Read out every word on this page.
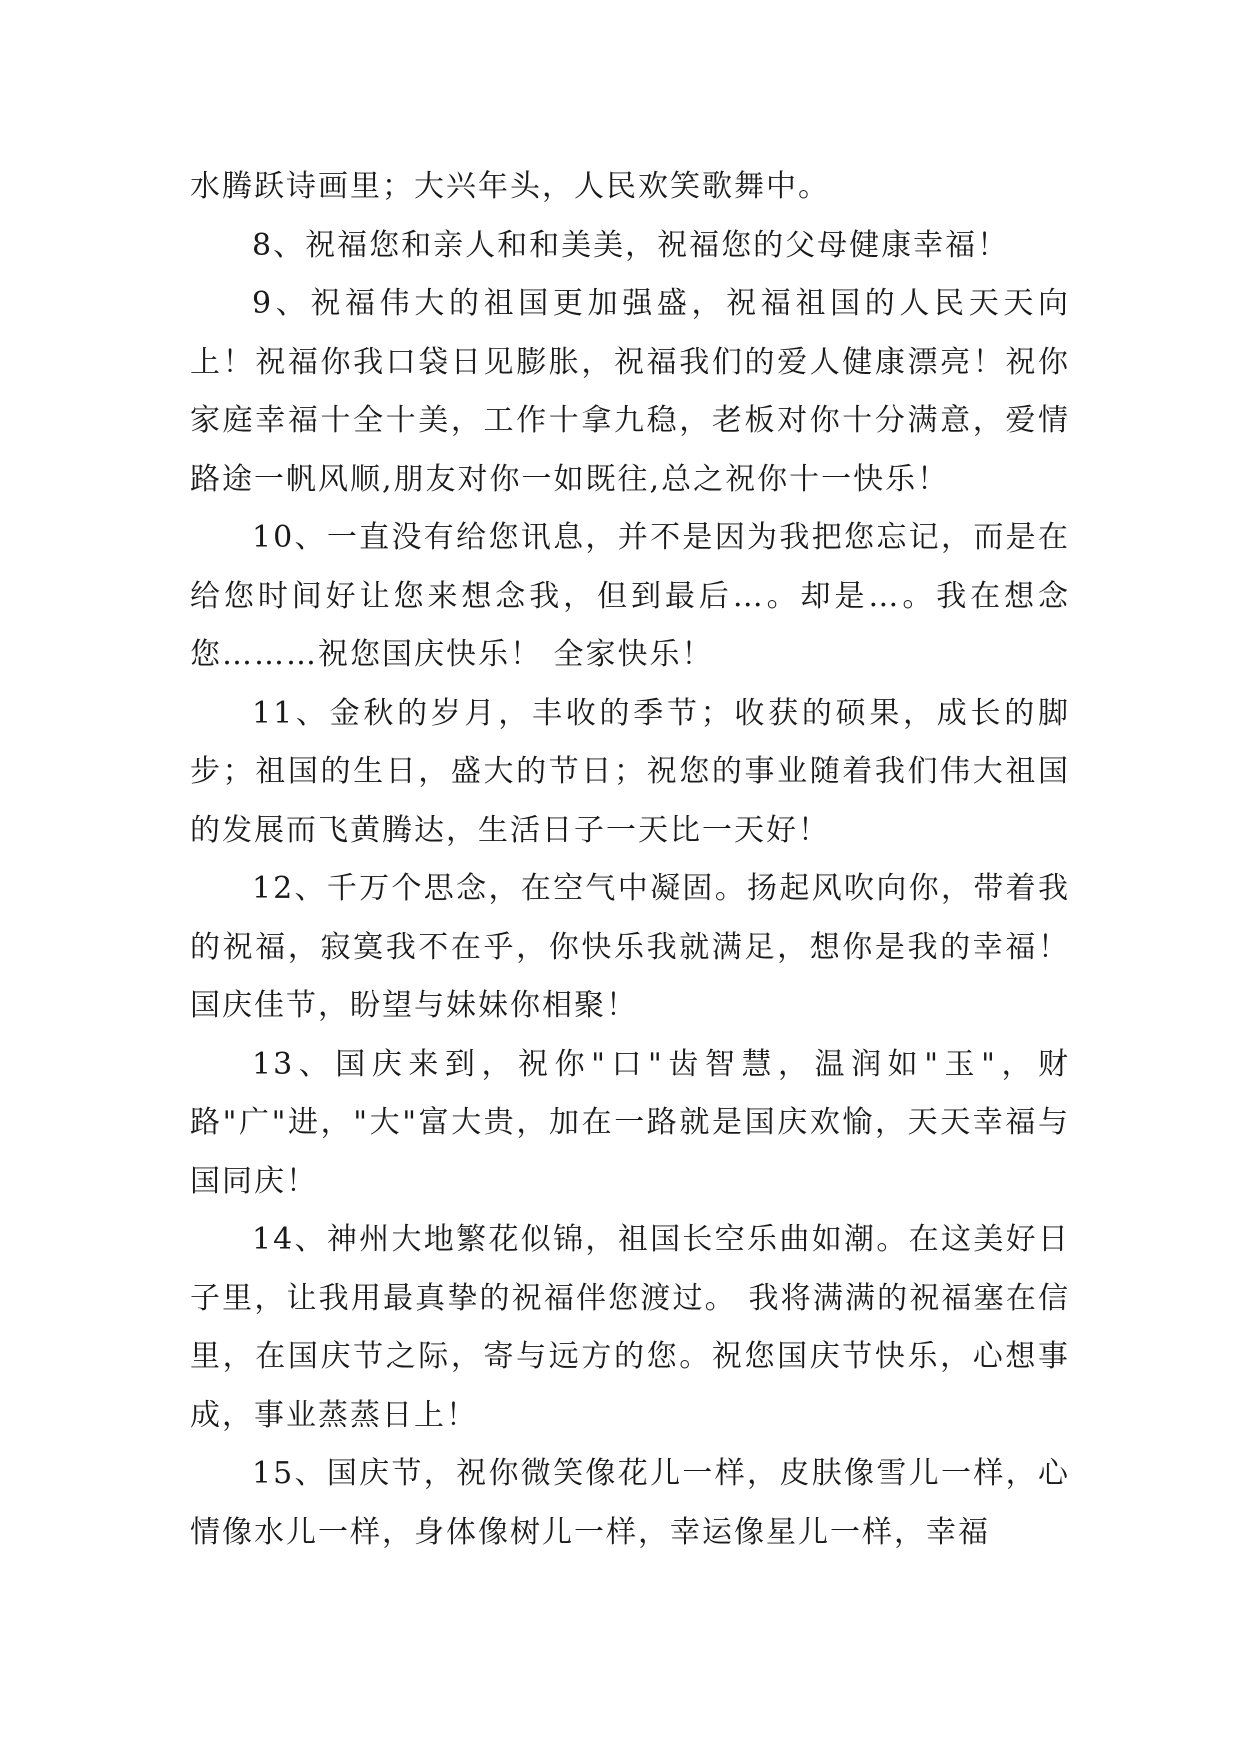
水腾跃诗画里；大兴年头，人民欢笑歌舞中。

8、祝福您和亲人和和美美，祝福您的父母健康幸福！

9、祝福伟大的祖国更加强盛，祝福祖国的人民天天向上！祝福你我口袋日见膨胀，祝福我们的爱人健康漂亮！祝你家庭幸福十全十美，工作十拿九稳，老板对你十分满意，爱情路途一帆风顺,朋友对你一如既往,总之祝你十一快乐！

10、一直没有给您讯息，并不是因为我把您忘记，而是在给您时间好让您来想念我，但到最后…。却是…。我在想念您………祝您国庆快乐！ 全家快乐！

11、金秋的岁月，丰收的季节；收获的硕果，成长的脚步；祖国的生日，盛大的节日；祝您的事业随着我们伟大祖国的发展而飞黄腾达，生活日子一天比一天好！

12、千万个思念，在空气中凝固。扬起风吹向你，带着我的祝福，寂寞我不在乎，你快乐我就满足，想你是我的幸福！国庆佳节，盼望与妹妹你相聚！

13、国庆来到，祝你"口"齿智慧，温润如"玉"，财路"广"进，"大"富大贵，加在一路就是国庆欢愉，天天幸福与国同庆！

14、神州大地繁花似锦，祖国长空乐曲如潮。在这美好日子里，让我用最真挚的祝福伴您渡过。 我将满满的祝福塞在信里，在国庆节之际，寄与远方的您。祝您国庆节快乐，心想事成，事业蒸蒸日上！

15、国庆节，祝你微笑像花儿一样，皮肤像雪儿一样，心情像水儿一样，身体像树儿一样，幸运像星儿一样，幸福
